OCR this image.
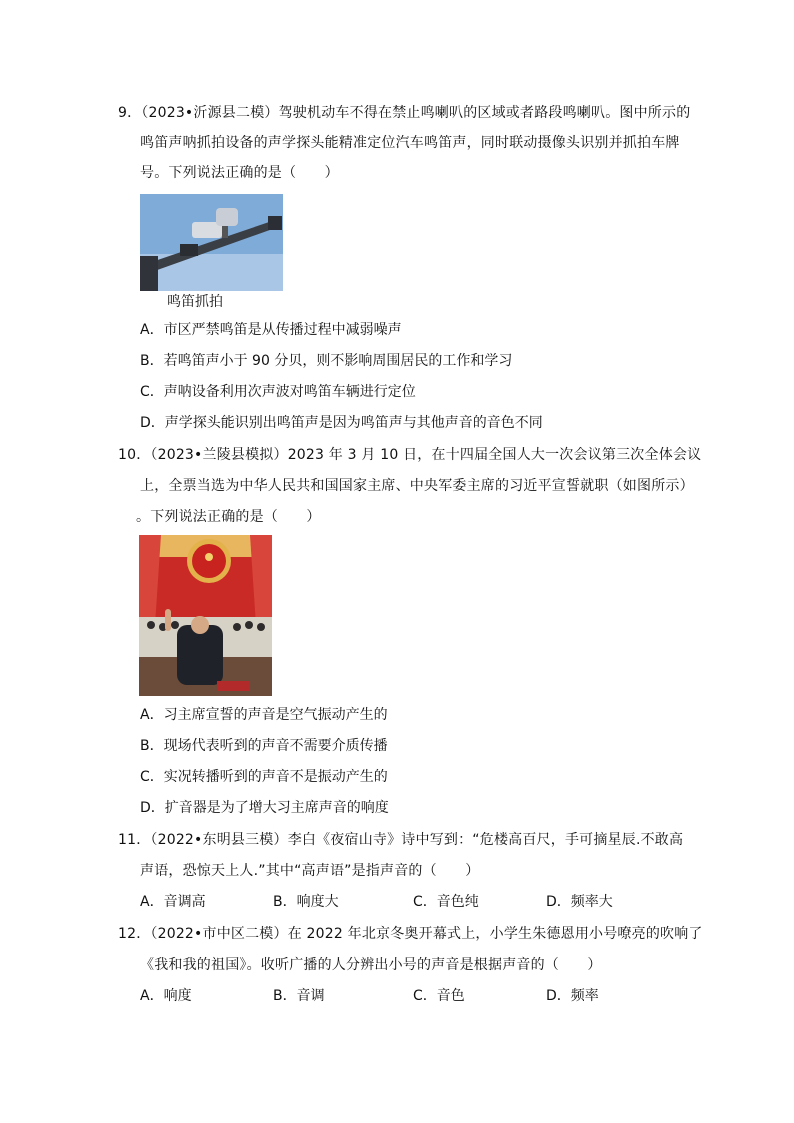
9．（2023•沂源县二模）驾驶机动车不得在禁止鸣喇叭的区域或者路段鸣喇叭。图中所示的
鸣笛声呐抓拍设备的声学探头能精准定位汽车鸣笛声，同时联动摄像头识别并抓拍车牌
号。下列说法正确的是（　　）
鸣笛抓拍
A．市区严禁鸣笛是从传播过程中减弱噪声
B．若鸣笛声小于 90 分贝，则不影响周围居民的工作和学习
C．声呐设备利用次声波对鸣笛车辆进行定位
D．声学探头能识别出鸣笛声是因为鸣笛声与其他声音的音色不同
10．（2023•兰陵县模拟）2023 年 3 月 10 日，在十四届全国人大一次会议第三次全体会议
上，全票当选为中华人民共和国国家主席、中央军委主席的习近平宣誓就职（如图所示）
。下列说法正确的是（　　）
A．习主席宣誓的声音是空气振动产生的
B．现场代表听到的声音不需要介质传播
C．实况转播听到的声音不是振动产生的
D．扩音器是为了增大习主席声音的响度
11．（2022•东明县三模）李白《夜宿山寺》诗中写到：“危楼高百尺，手可摘星辰.不敢高
声语，恐惊天上人.”其中“高声语”是指声音的（　　）
A．音调高	B．响度大	C．音色纯	D．频率大
12．（2022•市中区二模）在 2022 年北京冬奥开幕式上，小学生朱德恩用小号嘹亮的吹响了
《我和我的祖国》。收听广播的人分辨出小号的声音是根据声音的（　　）
A．响度	B．音调	C．音色	D．频率
